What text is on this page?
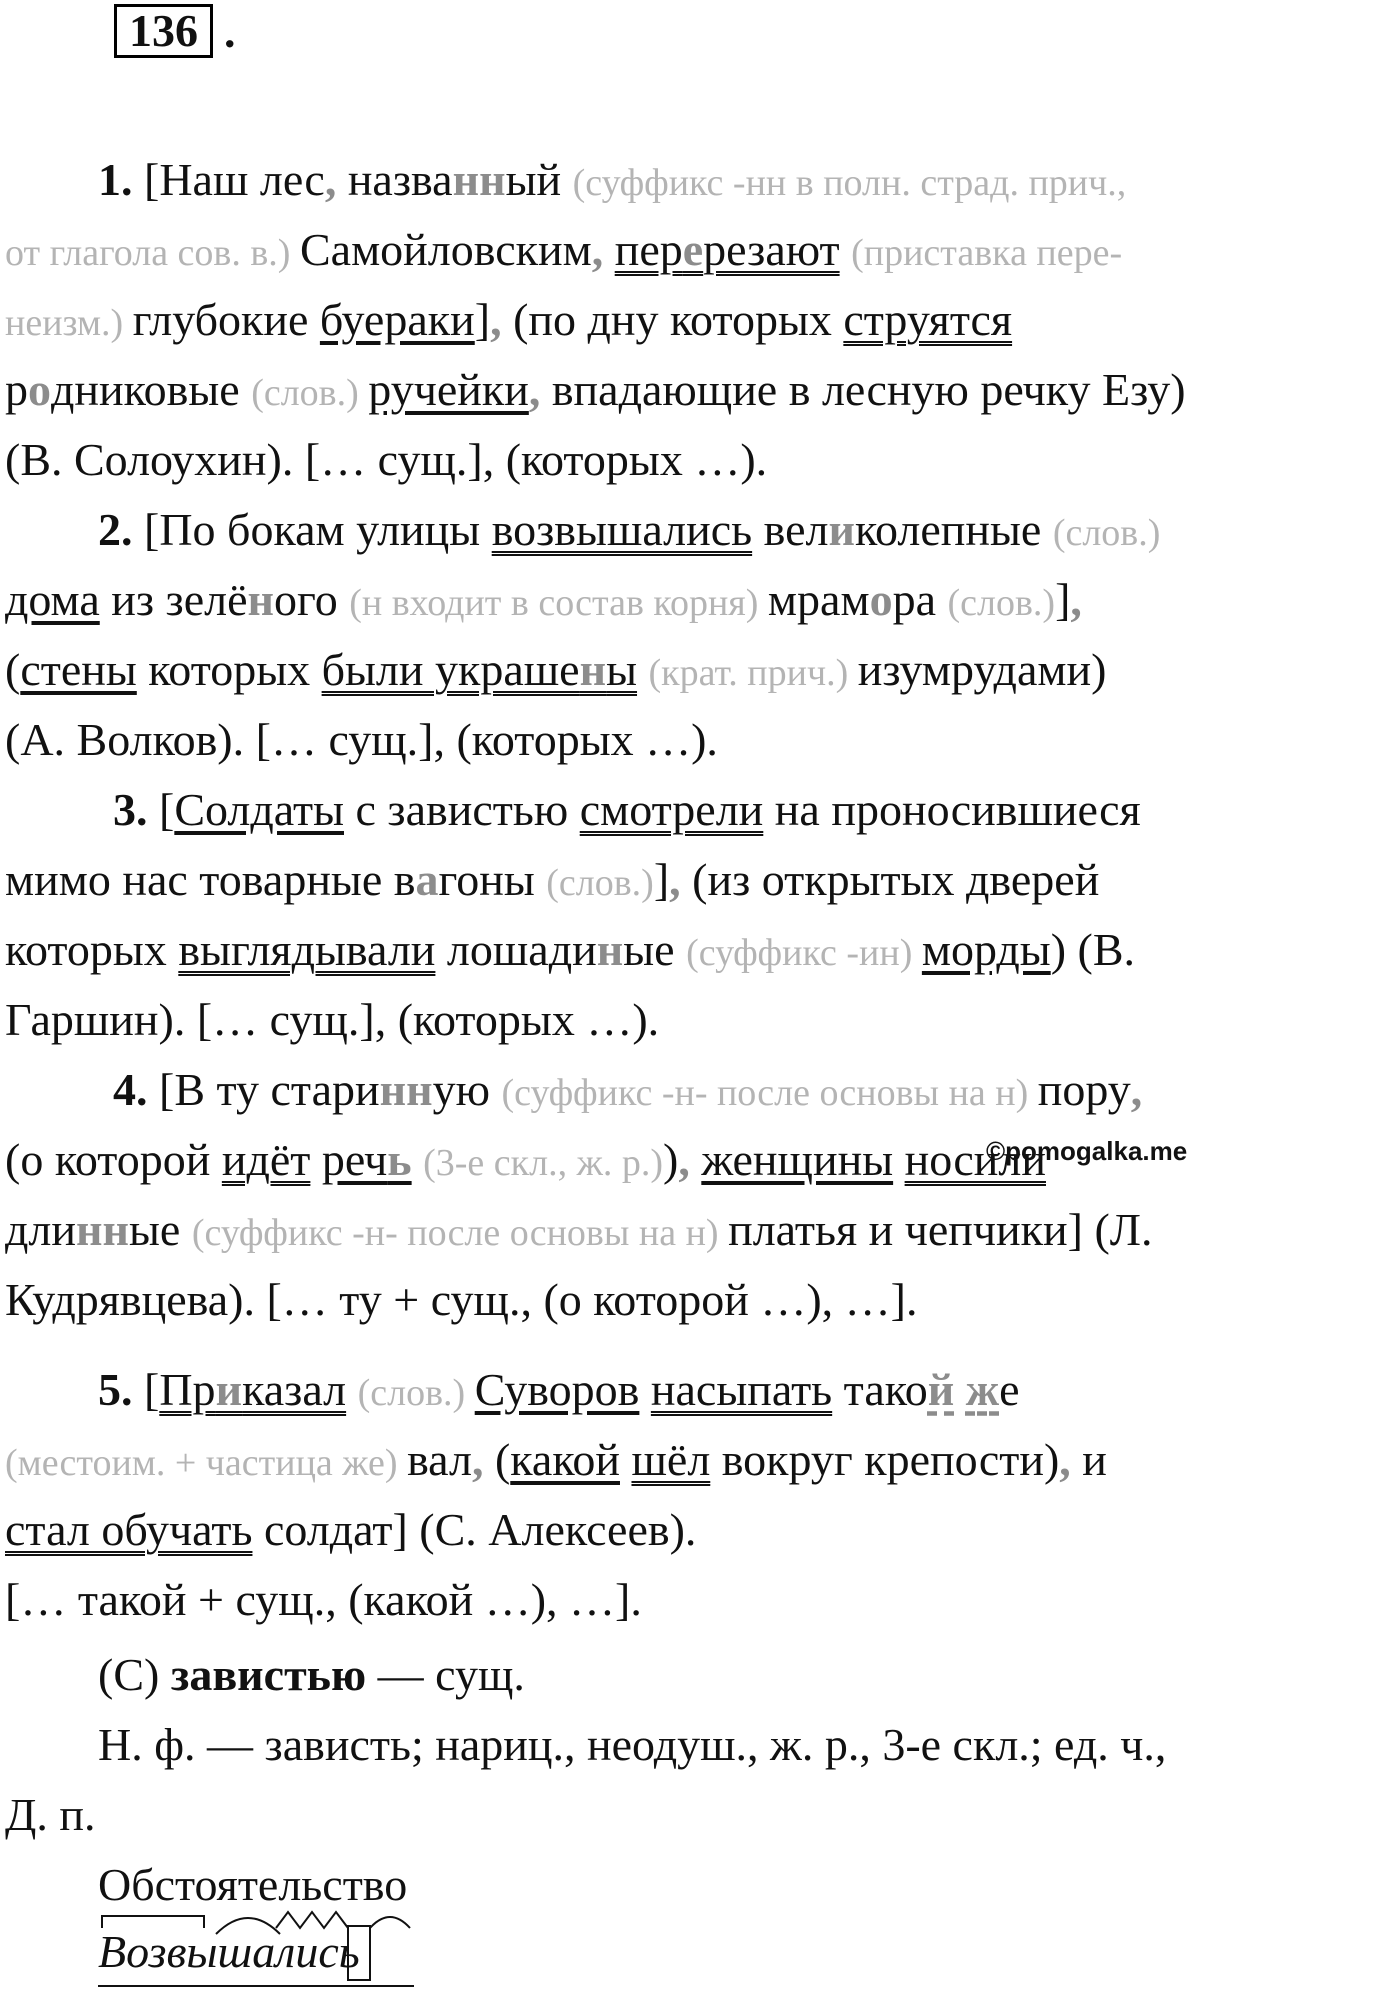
136 .
1. [Наш лес, названный (суффикс -нн в полн. страд. прич.,
от глагола сов. в.) Самойловским, перерезают (приставка пере-
неизм.) глубокие буераки], (по дну которых струятся
родниковые (слов.) ручейки, впадающие в лесную речку Езу)
(В. Солоухин). [… сущ.], (которых …).
2. [По бокам улицы возвышались великолепные (слов.)
дома из зелёного (н входит в состав корня) мрамора (слов.)],
(стены которых были украшены (крат. прич.) изумрудами)
(А. Волков). [… сущ.], (которых …).
3. [Солдаты с завистью смотрели на проносившиеся
мимо нас товарные вагоны (слов.)], (из открытых дверей
которых выглядывали лошадиные (суффикс -ин) морды) (В.
Гаршин). [… сущ.], (которых …).
4. [В ту старинную (суффикс -н- после основы на н) пору,
(о которой идёт речь (3-е скл., ж. р.)), женщины носили
©pomogalka.me
длинные (суффикс -н- после основы на н) платья и чепчики] (Л.
Кудрявцева). [… ту + сущ., (о которой …), …].
5. [Приказал (слов.) Суворов насыпать такой же
(местоим. + частица же) вал, (какой шёл вокруг крепости), и
стал обучать солдат] (С. Алексеев).
[… такой + сущ., (какой …), …].
(С) завистью — сущ.
Н. ф. — зависть; нариц., неодуш., ж. р., 3-е скл.; ед. ч.,
Д. п.
Обстоятельство
Возвышались
